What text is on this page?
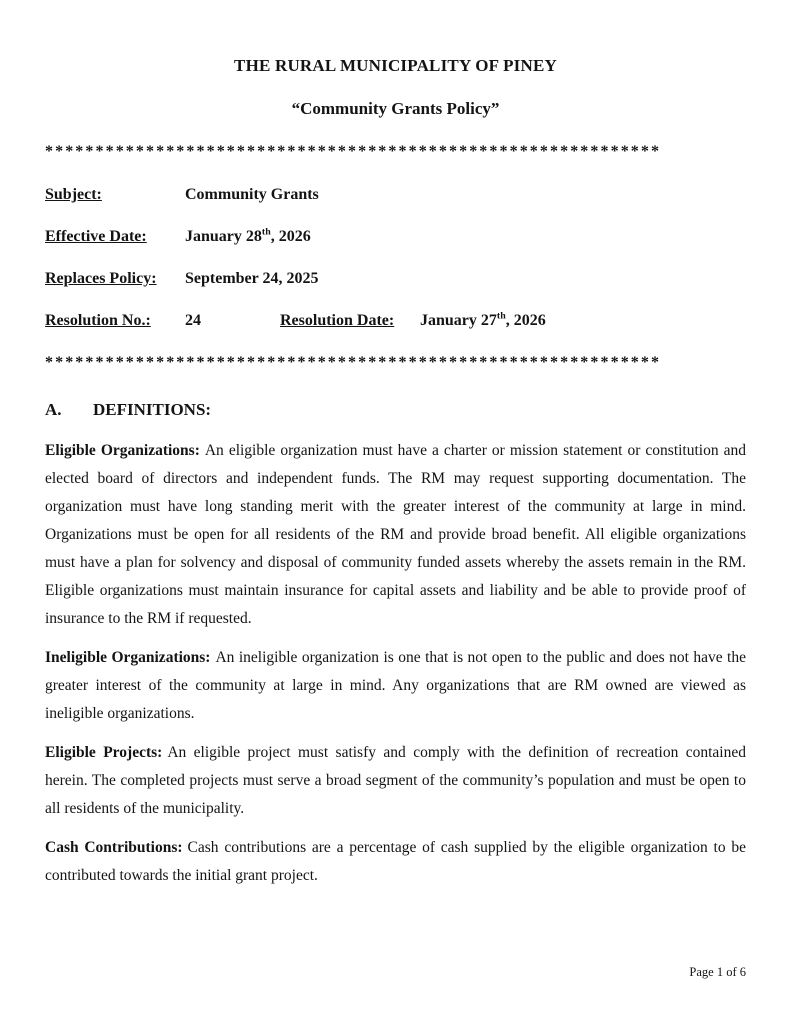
THE RURAL MUNICIPALITY OF PINEY
“Community Grants Policy”
*************************************************************
Subject:	Community Grants
Effective Date:	January 28th, 2026
Replaces Policy:	September 24, 2025
Resolution No.:	24	Resolution Date:	January 27th, 2026
*************************************************************
A.	DEFINITIONS:

Eligible Organizations: An eligible organization must have a charter or mission statement or constitution and elected board of directors and independent funds. The RM may request supporting documentation. The organization must have long standing merit with the greater interest of the community at large in mind. Organizations must be open for all residents of the RM and provide broad benefit. All eligible organizations must have a plan for solvency and disposal of community funded assets whereby the assets remain in the RM. Eligible organizations must maintain insurance for capital assets and liability and be able to provide proof of insurance to the RM if requested.

Ineligible Organizations: An ineligible organization is one that is not open to the public and does not have the greater interest of the community at large in mind. Any organizations that are RM owned are viewed as ineligible organizations.

Eligible Projects: An eligible project must satisfy and comply with the definition of recreation contained herein. The completed projects must serve a broad segment of the community’s population and must be open to all residents of the municipality.

Cash Contributions: Cash contributions are a percentage of cash supplied by the eligible organization to be contributed towards the initial grant project.

Page 1 of 6
